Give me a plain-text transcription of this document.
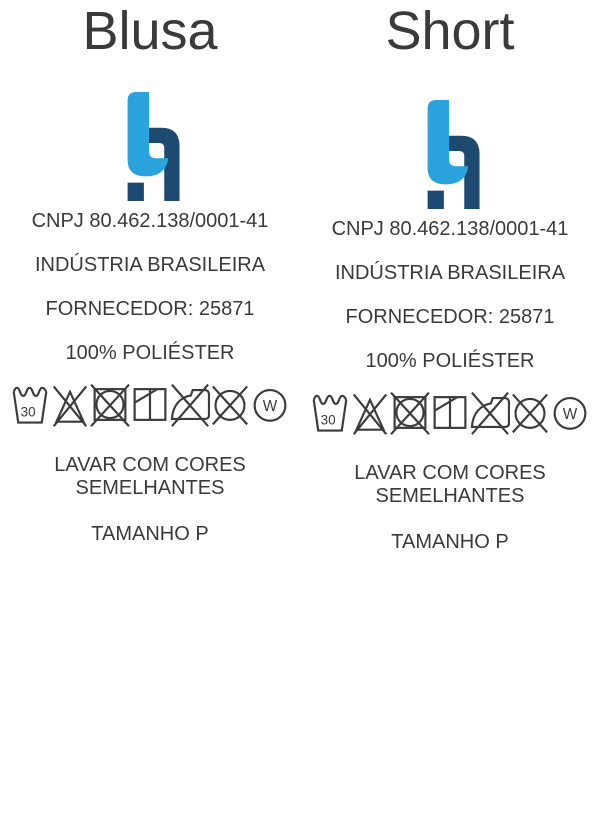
Blusa
CNPJ 80.462.138/0001-41
INDÚSTRIA BRASILEIRA
FORNECEDOR: 25871
100% POLIÉSTER
30	W
LAVAR COM CORES SEMELHANTES
TAMANHO P
Short
CNPJ 80.462.138/0001-41
INDÚSTRIA BRASILEIRA
FORNECEDOR: 25871
100% POLIÉSTER
30	W
LAVAR COM CORES SEMELHANTES
TAMANHO P
